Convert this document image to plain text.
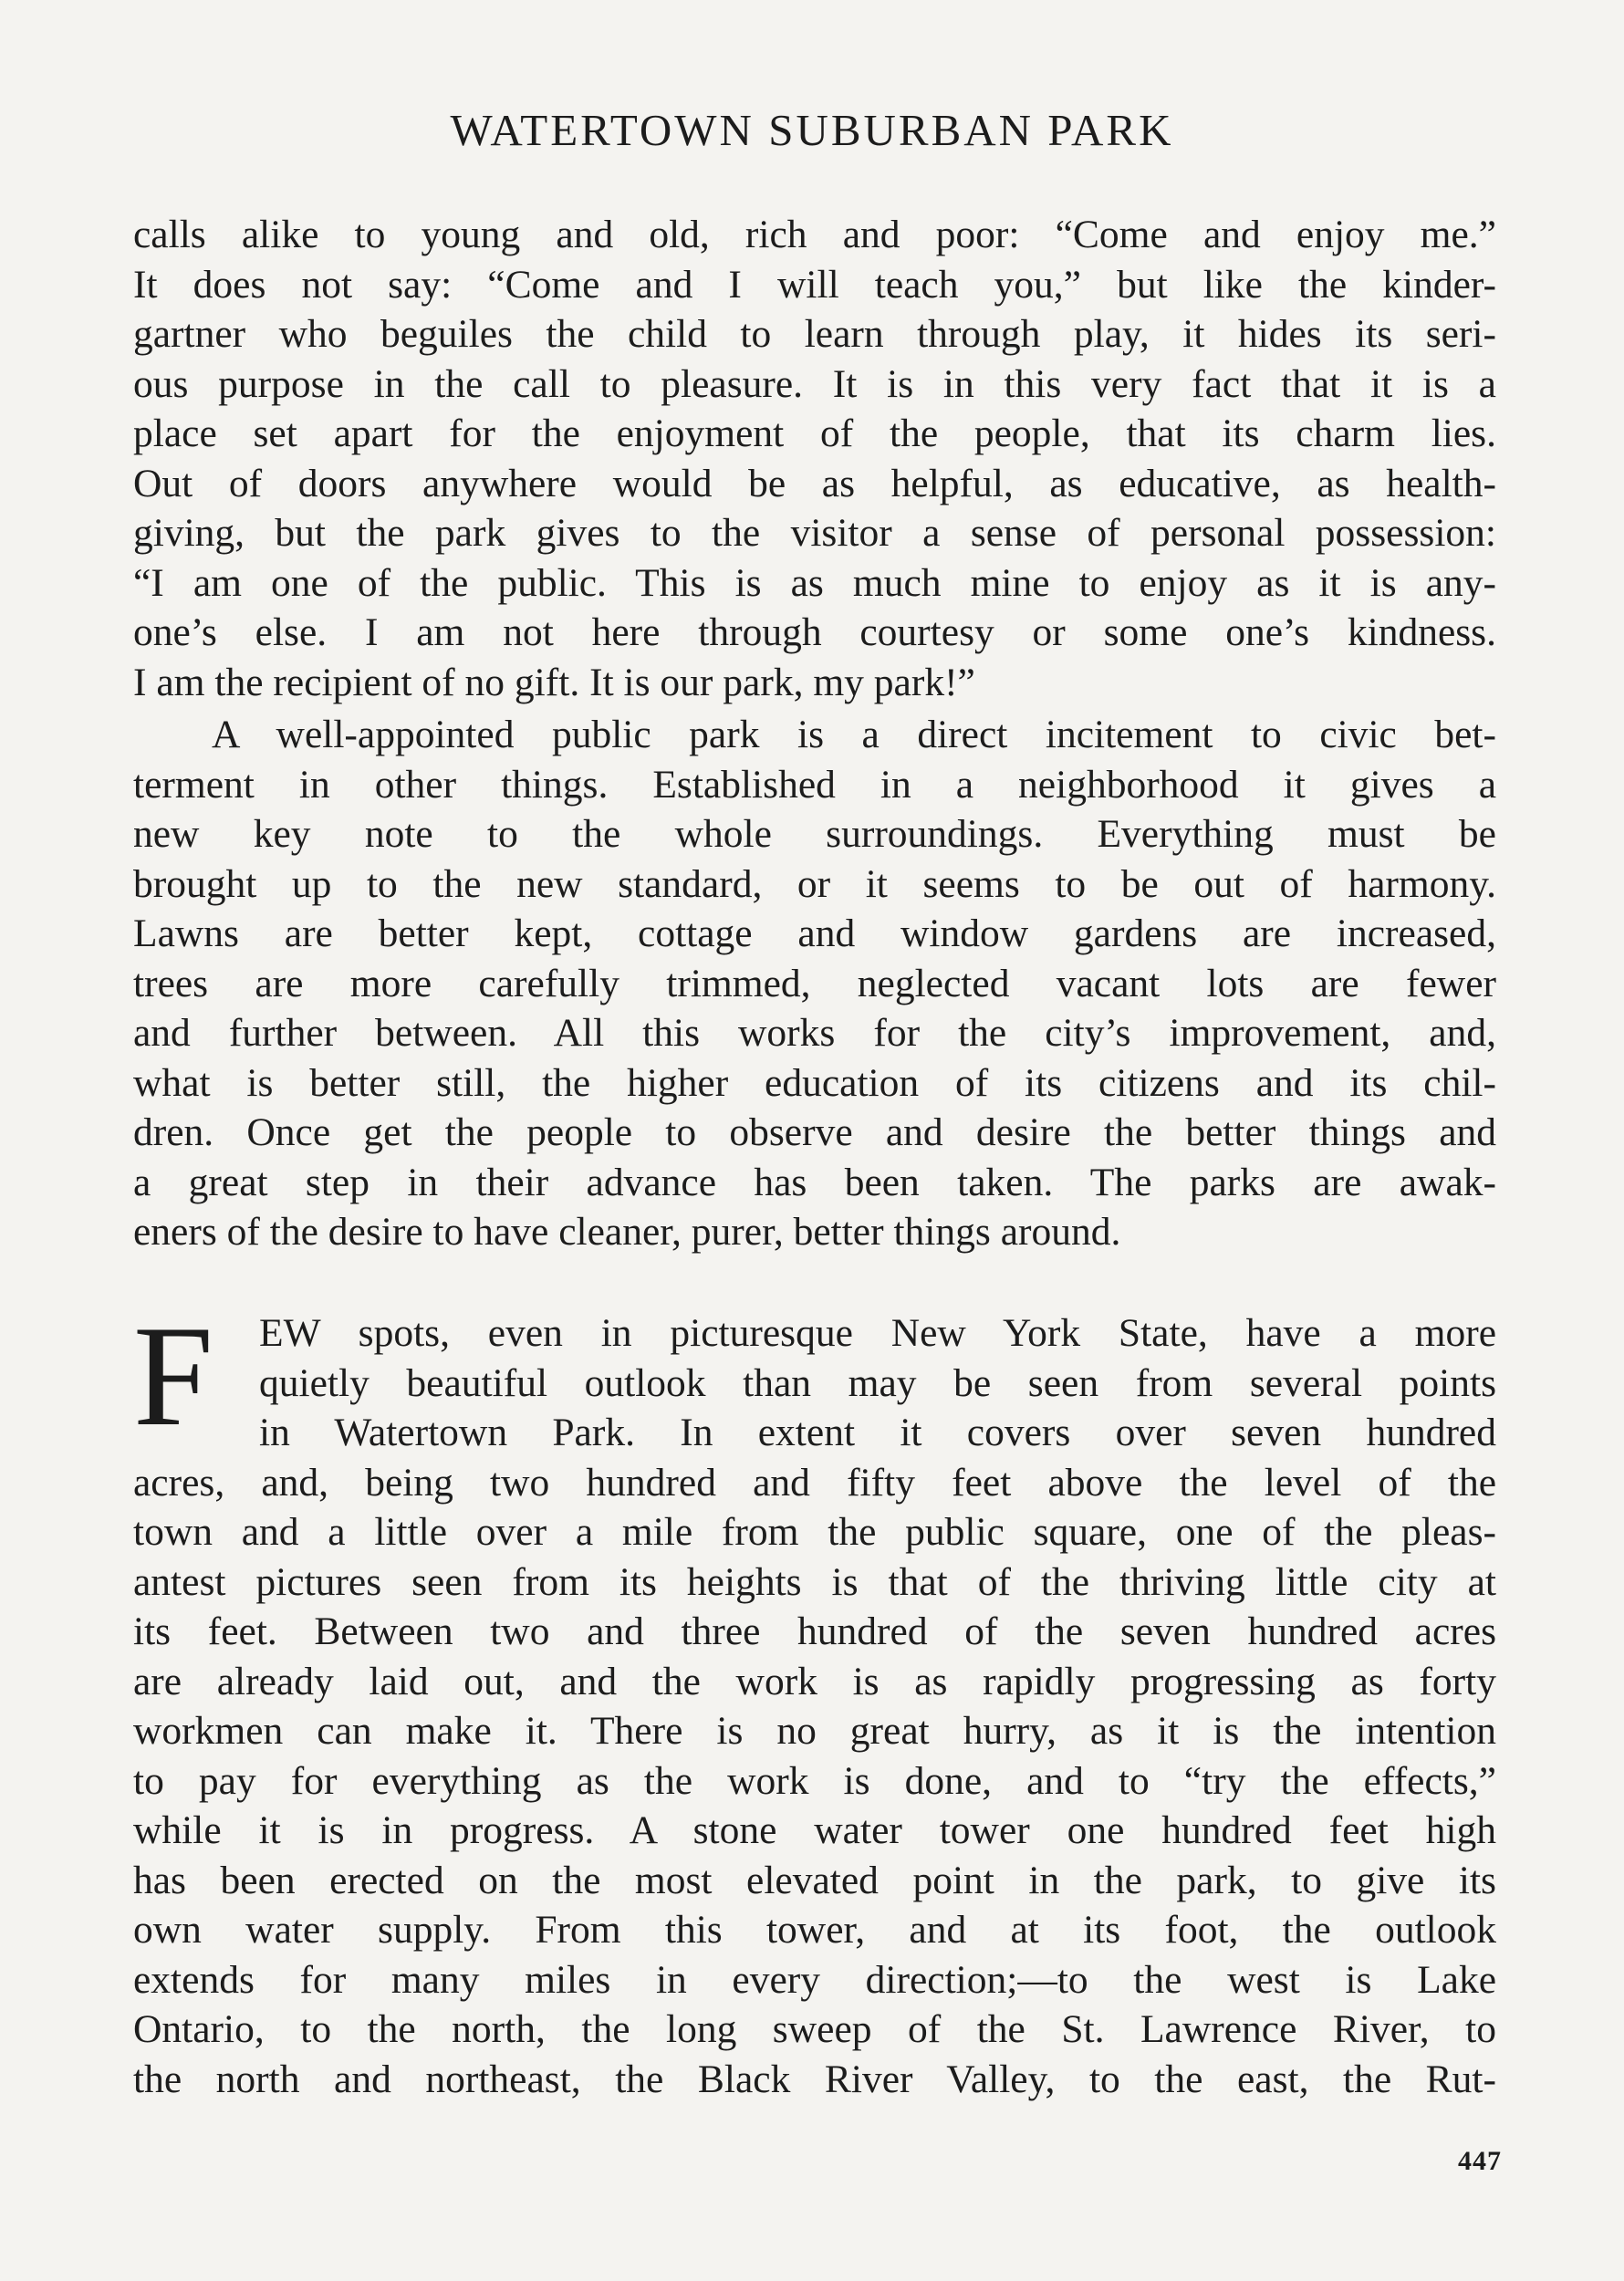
WATERTOWN SUBURBAN PARK
calls alike to young and old, rich and poor: “Come and enjoy me.”
It does not say: “Come and I will teach you,” but like the kinder-
gartner who beguiles the child to learn through play, it hides its seri-
ous purpose in the call to pleasure. It is in this very fact that it is a
place set apart for the enjoyment of the people, that its charm lies.
Out of doors anywhere would be as helpful, as educative, as health-
giving, but the park gives to the visitor a sense of personal possession:
“I am one of the public. This is as much mine to enjoy as it is any-
one’s else. I am not here through courtesy or some one’s kindness.
I am the recipient of no gift. It is our park, my park!”
A well-appointed public park is a direct incitement to civic bet-
terment in other things. Established in a neighborhood it gives a
new key note to the whole surroundings. Everything must be
brought up to the new standard, or it seems to be out of harmony.
Lawns are better kept, cottage and window gardens are increased,
trees are more carefully trimmed, neglected vacant lots are fewer
and further between. All this works for the city’s improvement, and,
what is better still, the higher education of its citizens and its chil-
dren. Once get the people to observe and desire the better things and
a great step in their advance has been taken. The parks are awak-
eners of the desire to have cleaner, purer, better things around.
F	EW spots, even in picturesque New York State, have a more
quietly beautiful outlook than may be seen from several points
in Watertown Park. In extent it covers over seven hundred
acres, and, being two hundred and fifty feet above the level of the
town and a little over a mile from the public square, one of the pleas-
antest pictures seen from its heights is that of the thriving little city at
its feet. Between two and three hundred of the seven hundred acres
are already laid out, and the work is as rapidly progressing as forty
workmen can make it. There is no great hurry, as it is the intention
to pay for everything as the work is done, and to “try the effects,”
while it is in progress. A stone water tower one hundred feet high
has been erected on the most elevated point in the park, to give its
own water supply. From this tower, and at its foot, the outlook
extends for many miles in every direction;—to the west is Lake
Ontario, to the north, the long sweep of the St. Lawrence River, to
the north and northeast, the Black River Valley, to the east, the Rut-
447
